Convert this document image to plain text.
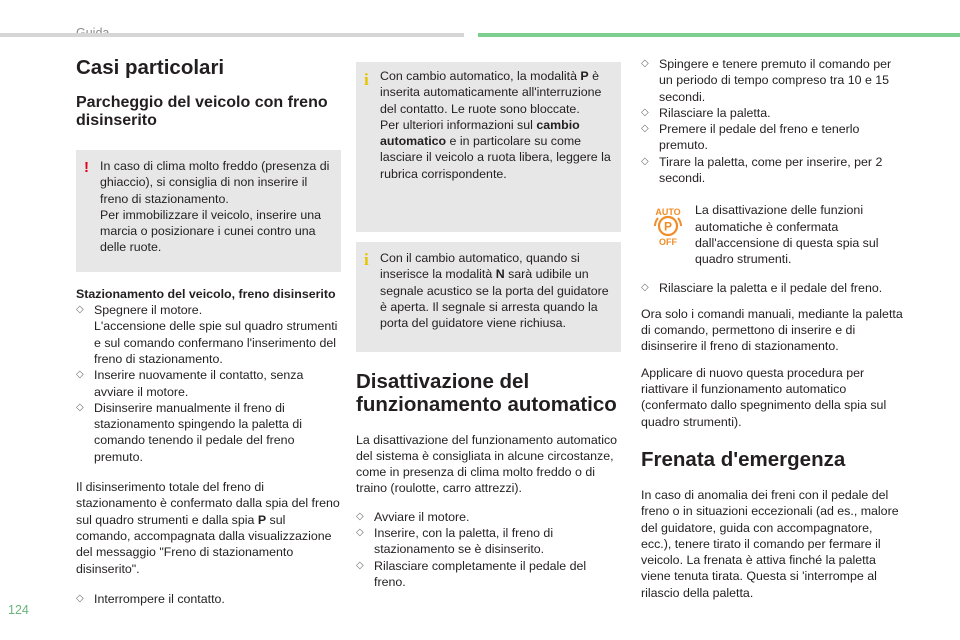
Casi particolari
Parcheggio del veicolo con freno disinserito
! In caso di clima molto freddo (presenza di ghiaccio), si consiglia di non inserire il freno di stazionamento.
Per immobilizzare il veicolo, inserire una marcia o posizionare i cunei contro una delle ruote.
Stazionamento del veicolo, freno disinserito
◇ Spegnere il motore.
L'accensione delle spie sul quadro strumenti e sul comando confermano l'inserimento del freno di stazionamento.
◇ Inserire nuovamente il contatto, senza avviare il motore.
◇ Disinserire manualmente il freno di stazionamento spingendo la paletta di comando tenendo il pedale del freno premuto.

Il disinserimento totale del freno di stazionamento è confermato dalla spia del freno sul quadro strumenti e dalla spia P sul comando, accompagnata dalla visualizzazione del messaggio "Freno di stazionamento disinserito".

◇ Interrompere il contatto.
i Con cambio automatico, la modalità P è inserita automaticamente all'interruzione del contatto. Le ruote sono bloccate.
Per ulteriori informazioni sul cambio automatico e in particolare su come lasciare il veicolo a ruota libera, leggere la rubrica corrispondente.
i Con il cambio automatico, quando si inserisce la modalità N sarà udibile un segnale acustico se la porta del guidatore è aperta. Il segnale si arresta quando la porta del guidatore viene richiusa.
Disattivazione del funzionamento automatico

La disattivazione del funzionamento automatico del sistema è consigliata in alcune circostanze, come in presenza di clima molto freddo o di traino (roulotte, carro attrezzi).

◇ Avviare il motore.
◇ Inserire, con la paletta, il freno di stazionamento se è disinserito.
◇ Rilasciare completamente il pedale del freno.
◇ Spingere e tenere premuto il comando per un periodo di tempo compreso tra 10 e 15 secondi.
◇ Rilasciare la paletta.
◇ Premere il pedale del freno e tenerlo premuto.
◇ Tirare la paletta, come per inserire, per 2 secondi.
AUTO
P
OFF
La disattivazione delle funzioni automatiche è confermata dall'accensione di questa spia sul quadro strumenti.
◇ Rilasciare la paletta e il pedale del freno.

Ora solo i comandi manuali, mediante la paletta di comando, permettono di inserire e di disinserire il freno di stazionamento.

Applicare di nuovo questa procedura per riattivare il funzionamento automatico (confermato dallo spegnimento della spia sul quadro strumenti).

Frenata d'emergenza

In caso di anomalia dei freni con il pedale del freno o in situazioni eccezionali (ad es., malore del guidatore, guida con accompagnatore, ecc.), tenere tirato il comando per fermare il veicolo. La frenata è attiva finché la paletta viene tenuta tirata. Questa si 'interrompe al rilascio della paletta.

124
